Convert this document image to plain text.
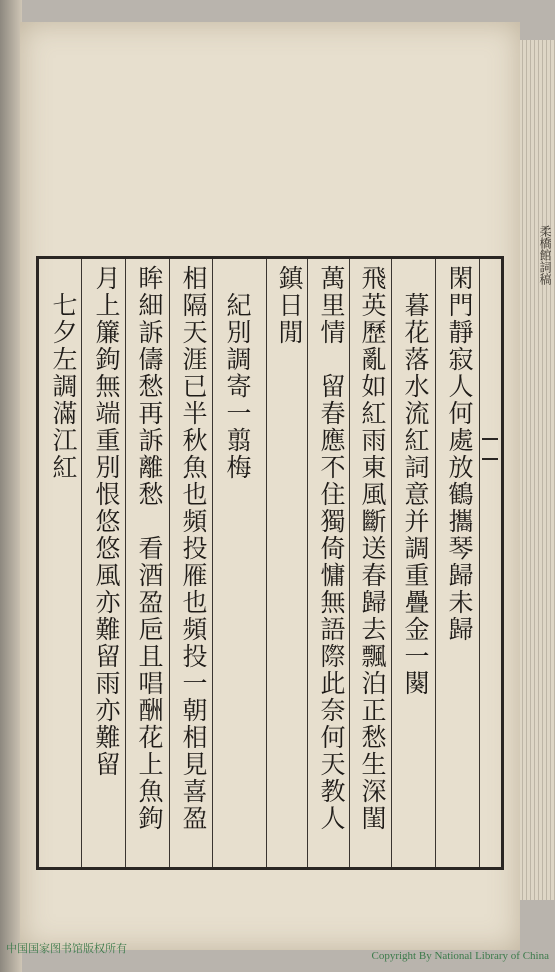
柔橋館詞稿
閑門靜寂人何處放鶴攜琴歸未歸
　暮花落水流紅詞意并調重疊金一闋
飛英歷亂如紅雨東風斷送春歸去飄泊正愁生深閨
萬里情　留春應不住獨倚慵無語際此奈何天教人
鎮日閒
　紀別調寄一翦梅
相隔天涯已半秋魚也頻投雁也頻投一朝相見喜盈
眸細訴儔愁再訴離愁　看酒盈巵且唱酬花上魚鉤
月上簾鉤無端重別恨悠悠風亦難留雨亦難留
　七夕左調滿江紅
中国国家图书馆版权所有
Copyright By National Library of China
